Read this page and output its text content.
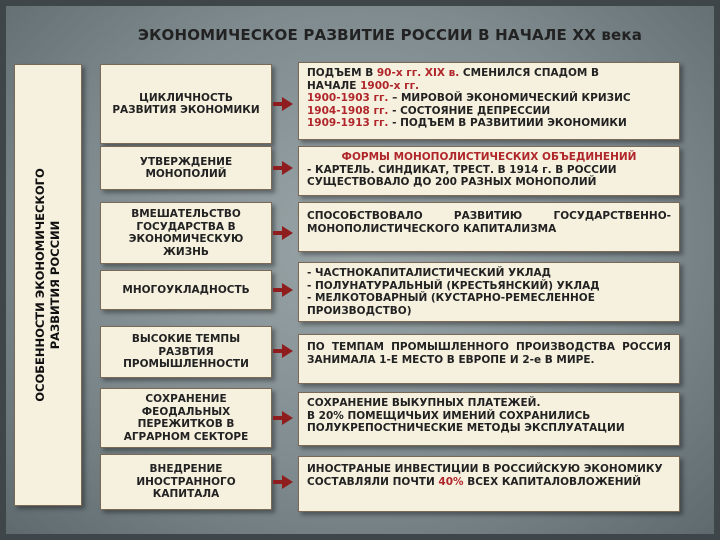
ЭКОНОМИЧЕСКОЕ РАЗВИТИЕ РОССИИ В НАЧАЛЕ ХХ века
ОСОБЕННОСТИ ЭКОНОМИЧЕСКОГО РАЗВИТИЯ РОССИИ
ЦИКЛИЧНОСТЬ РАЗВИТИЯ ЭКОНОМИКИ
ПОДЪЕМ В 90-х гг. XIX в. СМЕНИЛСЯ СПАДОМ В
НАЧАЛЕ 1900-х гг.
1900-1903 гг. – МИРОВОЙ ЭКОНОМИЧЕСКИЙ КРИЗИС
1904-1908 гг. - СОСТОЯНИЕ ДЕПРЕССИИ
1909-1913 гг. - ПОДЪЕМ В РАЗВИТИИИ ЭКОНОМИКИ
УТВЕРЖДЕНИЕ МОНОПОЛИЙ
ФОРМЫ МОНОПОЛИСТИЧЕСКИХ ОБЪЕДИНЕНИЙ
- КАРТЕЛЬ. СИНДИКАТ, ТРЕСТ. В 1914 г. В РОССИИ СУЩЕСТВОВАЛО ДО 200 РАЗНЫХ МОНОПОЛИЙ
ВМЕШАТЕЛЬСТВО ГОСУДАРСТВА В ЭКОНОМИЧЕСКУЮ ЖИЗНЬ
СПОСОБСТВОВАЛО РАЗВИТИЮ ГОСУДАРСТВЕННО-МОНОПОЛИСТИЧЕСКОГО КАПИТАЛИЗМА
МНОГОУКЛАДНОСТЬ
- ЧАСТНОКАПИТАЛИСТИЧЕСКИЙ УКЛАД
- ПОЛУНАТУРАЛЬНЫЙ (КРЕСТЬЯНСКИЙ) УКЛАД
- МЕЛКОТОВАРНЫЙ (КУСТАРНО-РЕМЕСЛЕННОЕ ПРОИЗВОДСТВО)
ВЫСОКИЕ ТЕМПЫ РАЗВТИЯ ПРОМЫШЛЕННОСТИ
ПО ТЕМПАМ ПРОМЫШЛЕННОГО ПРОИЗВОДСТВА РОССИЯ ЗАНИМАЛА 1-Е МЕСТО В ЕВРОПЕ И 2-е В МИРЕ.
СОХРАНЕНИЕ ФЕОДАЛЬНЫХ ПЕРЕЖИТКОВ В АГРАРНОМ СЕКТОРЕ
СОХРАНЕНИЕ ВЫКУПНЫХ ПЛАТЕЖЕЙ.
В 20% ПОМЕЩИЧЬИХ ИМЕНИЙ СОХРАНИЛИСЬ ПОЛУКРЕПОСТНИЧЕСКИЕ МЕТОДЫ ЭКСПЛУАТАЦИИ
ВНЕДРЕНИЕ ИНОСТРАННОГО КАПИТАЛА
ИНОСТРАНЫЕ ИНВЕСТИЦИИ В РОССИЙСКУЮ ЭКОНОМИКУ СОСТАВЛЯЛИ ПОЧТИ 40% ВСЕХ КАПИТАЛОВЛОЖЕНИЙ
